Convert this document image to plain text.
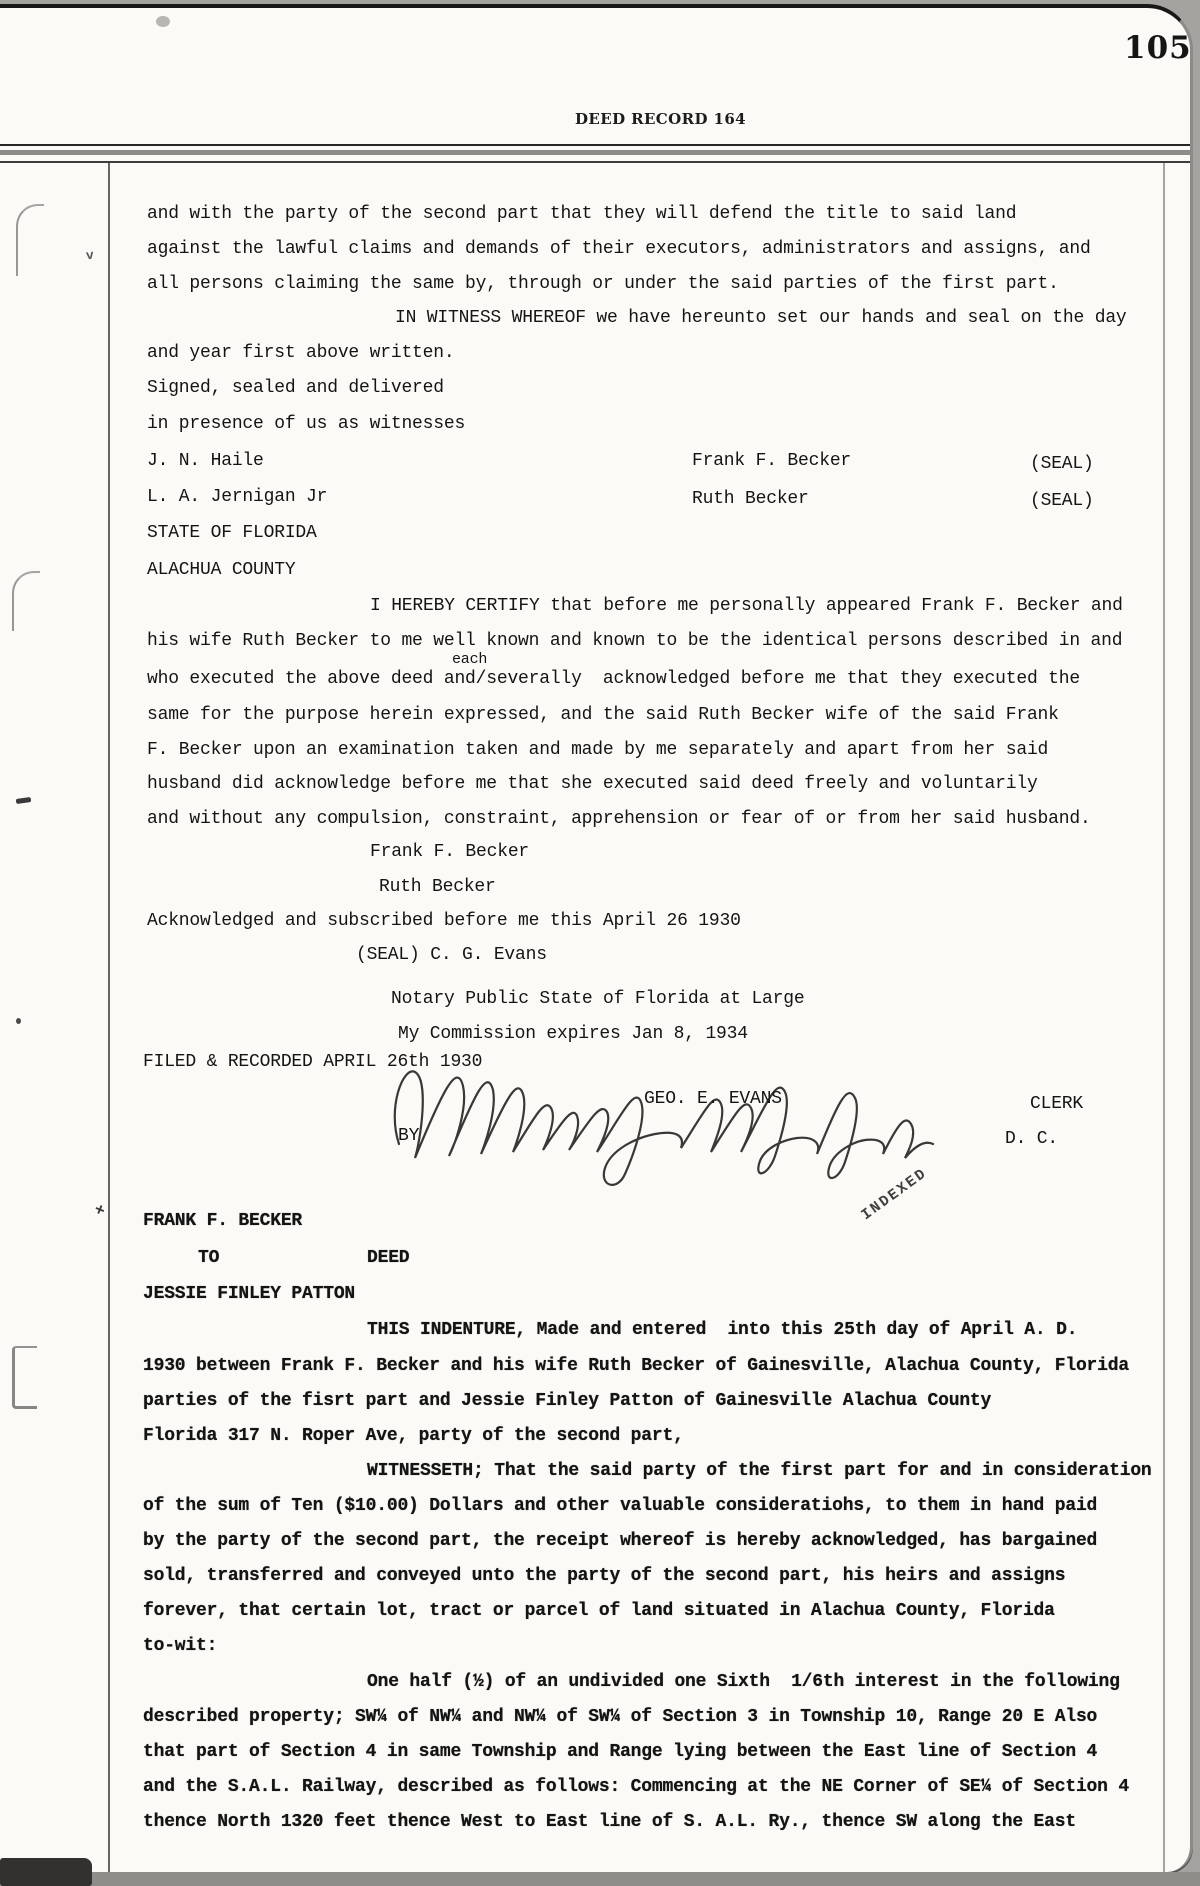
105
DEED RECORD 164
and with the party of the second part that they will defend the title to said land
against the lawful claims and demands of their executors, administrators and assigns, and
all persons claiming the same by, through or under the said parties of the first part.
IN WITNESS WHEREOF we have hereunto set our hands and seal on the day
and year first above written.
Signed, sealed and delivered
in presence of us as witnesses
J. N. Haile	Frank F. Becker	(SEAL)
L. A. Jernigan Jr	Ruth Becker	(SEAL)
STATE OF FLORIDA
ALACHUA COUNTY
I HEREBY CERTIFY that before me personally appeared Frank F. Becker and
his wife Ruth Becker to me well known and known to be the identical persons described in and
each
who executed the above deed and/severally  acknowledged before me that they executed the
same for the purpose herein expressed, and the said Ruth Becker wife of the said Frank
F. Becker upon an examination taken and made by me separately and apart from her said
husband did acknowledge before me that she executed said deed freely and voluntarily
and without any compulsion, constraint, apprehension or fear of or from her said husband.
Frank F. Becker
Ruth Becker
Acknowledged and subscribed before me this April 26 1930
(SEAL) C. G. Evans
Notary Public State of Florida at Large
My Commission expires Jan 8, 1934
FILED & RECORDED APRIL 26th 1930
GEO. E. EVANS	CLERK
BY	D. C.
FRANK F. BECKER
TO	DEED
JESSIE FINLEY PATTON
THIS INDENTURE, Made and entered  into this 25th day of April A. D.
1930 between Frank F. Becker and his wife Ruth Becker of Gainesville, Alachua County, Florida
parties of the fisrt part and Jessie Finley Patton of Gainesville Alachua County
Florida 317 N. Roper Ave, party of the second part,
WITNESSETH; That the said party of the first part for and in consideration
of the sum of Ten ($10.00) Dollars and other valuable consideratiohs, to them in hand paid
by the party of the second part, the receipt whereof is hereby acknowledged, has bargained
sold, transferred and conveyed unto the party of the second part, his heirs and assigns
forever, that certain lot, tract or parcel of land situated in Alachua County, Florida
to-wit:
One half (½) of an undivided one Sixth  1/6th interest in the following
described property; SW¼ of NW¼ and NW¼ of SW¼ of Section 3 in Township 10, Range 20 E Also
that part of Section 4 in same Township and Range lying between the East line of Section 4
and the S.A.L. Railway, described as follows: Commencing at the NE Corner of SE¼ of Section 4
thence North 1320 feet thence West to East line of S. A.L. Ry., thence SW along the East
INDEXED
v
+
